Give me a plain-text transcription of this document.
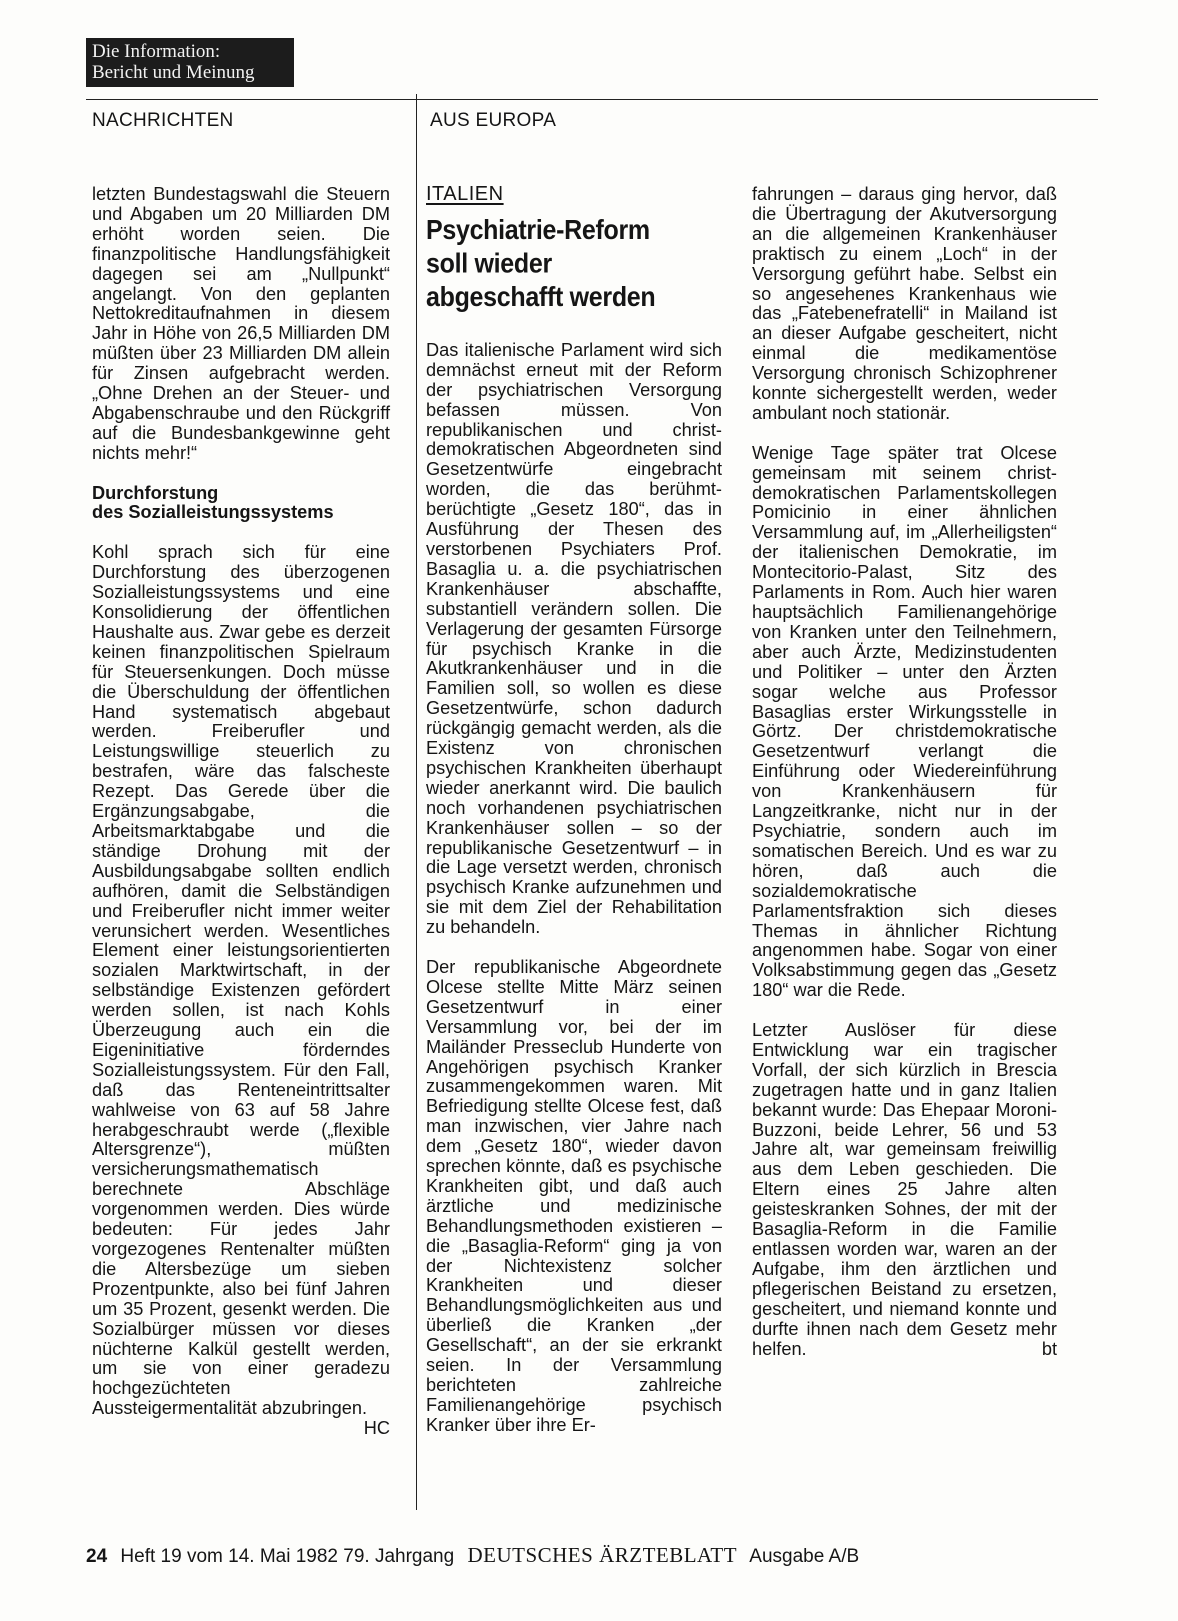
Die Information:
Bericht und Meinung
NACHRICHTEN	AUS EUROPA

letzten Bundestagswahl die Steuern und Abgaben um 20 Milliarden DM erhöht worden seien. Die finanzpolitische Handlungsfähigkeit dagegen sei am „Nullpunkt“ angelangt. Von den geplanten Nettokreditaufnahmen in diesem Jahr in Höhe von 26,5 Milliarden DM müßten über 23 Milliarden DM allein für Zinsen aufgebracht werden. „Ohne Drehen an der Steuer- und Abgabenschraube und den Rückgriff auf die Bundesbankgewinne geht nichts mehr!“

Durchforstung
des Sozialleistungssystems

Kohl sprach sich für eine Durchforstung des überzogenen Sozialleistungssystems und eine Konsolidierung der öffentlichen Haushalte aus. Zwar gebe es derzeit keinen finanzpolitischen Spielraum für Steuersenkungen. Doch müsse die Überschuldung der öffentlichen Hand systematisch abgebaut werden. Freiberufler und Leistungswillige steuerlich zu bestrafen, wäre das falscheste Rezept. Das Gerede über die Ergänzungsabgabe, die Arbeitsmarktabgabe und die ständige Drohung mit der Ausbildungsabgabe sollten endlich aufhören, damit die Selbständigen und Freiberufler nicht immer weiter verunsichert werden. Wesentliches Element einer leistungsorientierten sozialen Marktwirtschaft, in der selbständige Existenzen gefördert werden sollen, ist nach Kohls Überzeugung auch ein die Eigeninitiative förderndes Sozialleistungssystem. Für den Fall, daß das Renteneintrittsalter wahlweise von 63 auf 58 Jahre herabgeschraubt werde („flexible Altersgrenze“), müßten versicherungsmathematisch berechnete Abschläge vorgenommen werden. Dies würde bedeuten: Für jedes Jahr vorgezogenes Rentenalter müßten die Altersbezüge um sieben Prozentpunkte, also bei fünf Jahren um 35 Prozent, gesenkt werden. Die Sozialbürger müssen vor dieses nüchterne Kalkül gestellt werden, um sie von einer geradezu hochgezüchteten Aussteigermentalität abzubringen.
HC

ITALIEN
Psychiatrie-Reform
soll wieder
abgeschafft werden

Das italienische Parlament wird sich demnächst erneut mit der Reform der psychiatrischen Versorgung befassen müssen. Von republikanischen und christ-demokratischen Abgeordneten sind Gesetzentwürfe eingebracht worden, die das berühmt-berüchtigte „Gesetz 180“, das in Ausführung der Thesen des verstorbenen Psychiaters Prof. Basaglia u. a. die psychiatrischen Krankenhäuser abschaffte, substantiell verändern sollen. Die Verlagerung der gesamten Fürsorge für psychisch Kranke in die Akutkrankenhäuser und in die Familien soll, so wollen es diese Gesetzentwürfe, schon dadurch rückgängig gemacht werden, als die Existenz von chronischen psychischen Krankheiten überhaupt wieder anerkannt wird. Die baulich noch vorhandenen psychiatrischen Krankenhäuser sollen – so der republikanische Gesetzentwurf – in die Lage versetzt werden, chronisch psychisch Kranke aufzunehmen und sie mit dem Ziel der Rehabilitation zu behandeln.

Der republikanische Abgeordnete Olcese stellte Mitte März seinen Gesetzentwurf in einer Versammlung vor, bei der im Mailänder Presseclub Hunderte von Angehörigen psychisch Kranker zusammengekommen waren. Mit Befriedigung stellte Olcese fest, daß man inzwischen, vier Jahre nach dem „Gesetz 180“, wieder davon sprechen könnte, daß es psychische Krankheiten gibt, und daß auch ärztliche und medizinische Behandlungsmethoden existieren – die „Basaglia-Reform“ ging ja von der Nichtexistenz solcher Krankheiten und dieser Behandlungsmöglichkeiten aus und überließ die Kranken „der Gesellschaft“, an der sie erkrankt seien. In der Versammlung berichteten zahlreiche Familienangehörige psychisch Kranker über ihre Er-

fahrungen – daraus ging hervor, daß die Übertragung der Akutversorgung an die allgemeinen Krankenhäuser praktisch zu einem „Loch“ in der Versorgung geführt habe. Selbst ein so angesehenes Krankenhaus wie das „Fatebenefratelli“ in Mailand ist an dieser Aufgabe gescheitert, nicht einmal die medikamentöse Versorgung chronisch Schizophrener konnte sichergestellt werden, weder ambulant noch stationär.

Wenige Tage später trat Olcese gemeinsam mit seinem christ-demokratischen Parlamentskollegen Pomicinio in einer ähnlichen Versammlung auf, im „Allerheiligsten“ der italienischen Demokratie, im Montecitorio-Palast, Sitz des Parlaments in Rom. Auch hier waren hauptsächlich Familienangehörige von Kranken unter den Teilnehmern, aber auch Ärzte, Medizinstudenten und Politiker – unter den Ärzten sogar welche aus Professor Basaglias erster Wirkungsstelle in Görtz. Der christdemokratische Gesetzentwurf verlangt die Einführung oder Wiedereinführung von Krankenhäusern für Langzeitkranke, nicht nur in der Psychiatrie, sondern auch im somatischen Bereich. Und es war zu hören, daß auch die sozialdemokratische Parlamentsfraktion sich dieses Themas in ähnlicher Richtung angenommen habe. Sogar von einer Volksabstimmung gegen das „Gesetz 180“ war die Rede.

Letzter Auslöser für diese Entwicklung war ein tragischer Vorfall, der sich kürzlich in Brescia zugetragen hatte und in ganz Italien bekannt wurde: Das Ehepaar Moroni-Buzzoni, beide Lehrer, 56 und 53 Jahre alt, war gemeinsam freiwillig aus dem Leben geschieden. Die Eltern eines 25 Jahre alten geisteskranken Sohnes, der mit der Basaglia-Reform in die Familie entlassen worden war, waren an der Aufgabe, ihm den ärztlichen und pflegerischen Beistand zu ersetzen, gescheitert, und niemand konnte und durfte ihnen nach dem Gesetz mehr helfen.	bt

24 Heft 19 vom 14. Mai 1982 79. Jahrgang DEUTSCHES ÄRZTEBLATT Ausgabe A/B
